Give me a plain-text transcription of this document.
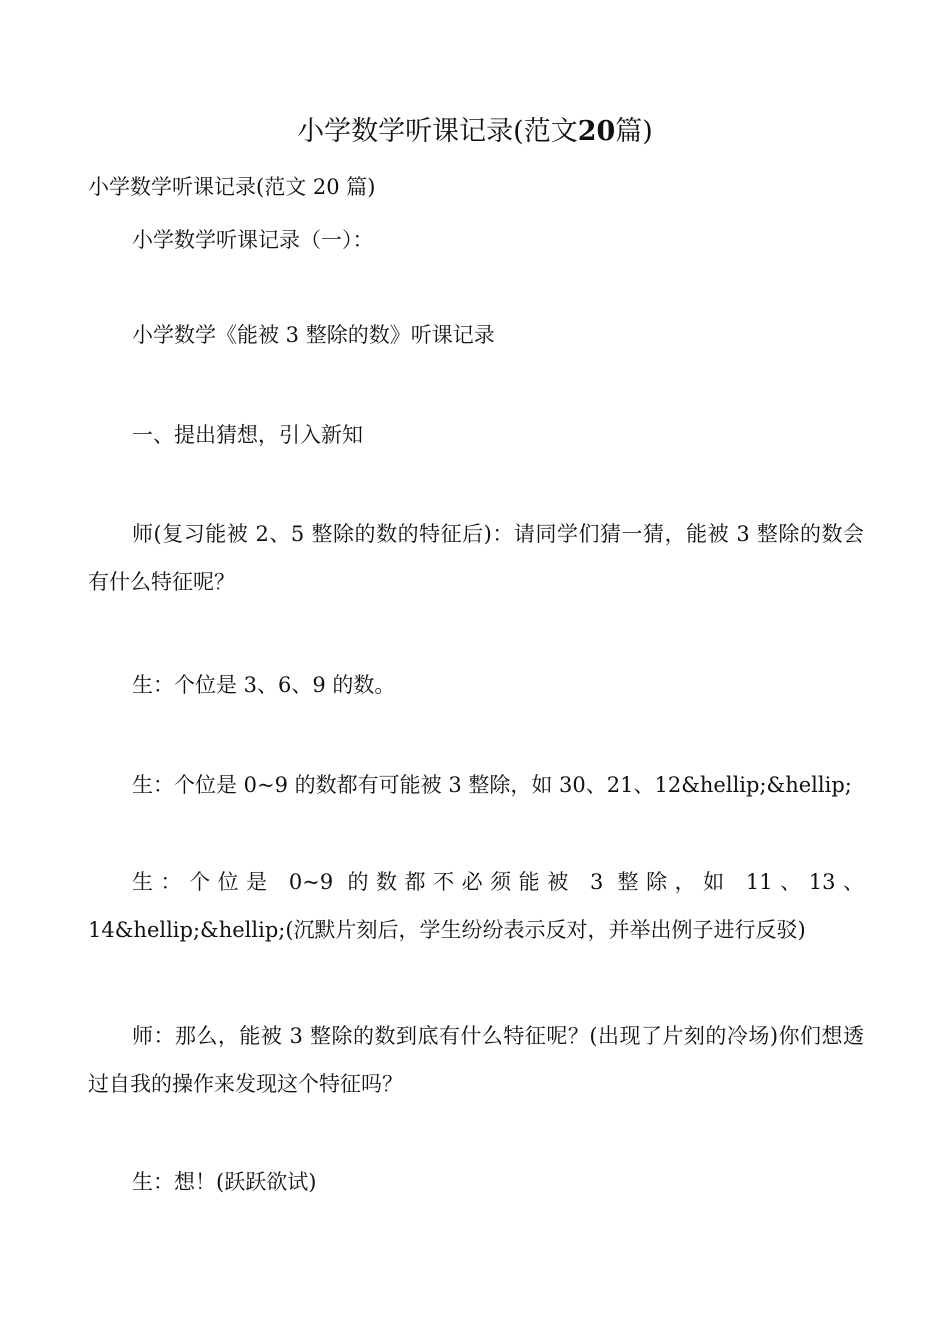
小学数学听课记录(范文20篇)
小学数学听课记录(范文 20 篇)
小学数学听课记录（一）：
小学数学《能被 3 整除的数》听课记录
一、提出猜想，引入新知
师(复习能被 2、5 整除的数的特征后)：请同学们猜一猜，能被 3 整除的数会有什么特征呢？
生：个位是 3、6、9 的数。
生：个位是 0~9 的数都有可能被 3 整除，如 30、21、12&hellip;&hellip;
生：个位是 0~9 的数都不必须能被 3 整除，如 11、13、14&hellip;&hellip;(沉默片刻后，学生纷纷表示反对，并举出例子进行反驳)
师：那么，能被 3 整除的数到底有什么特征呢？(出现了片刻的冷场)你们想透过自我的操作来发现这个特征吗？
生：想！(跃跃欲试)
